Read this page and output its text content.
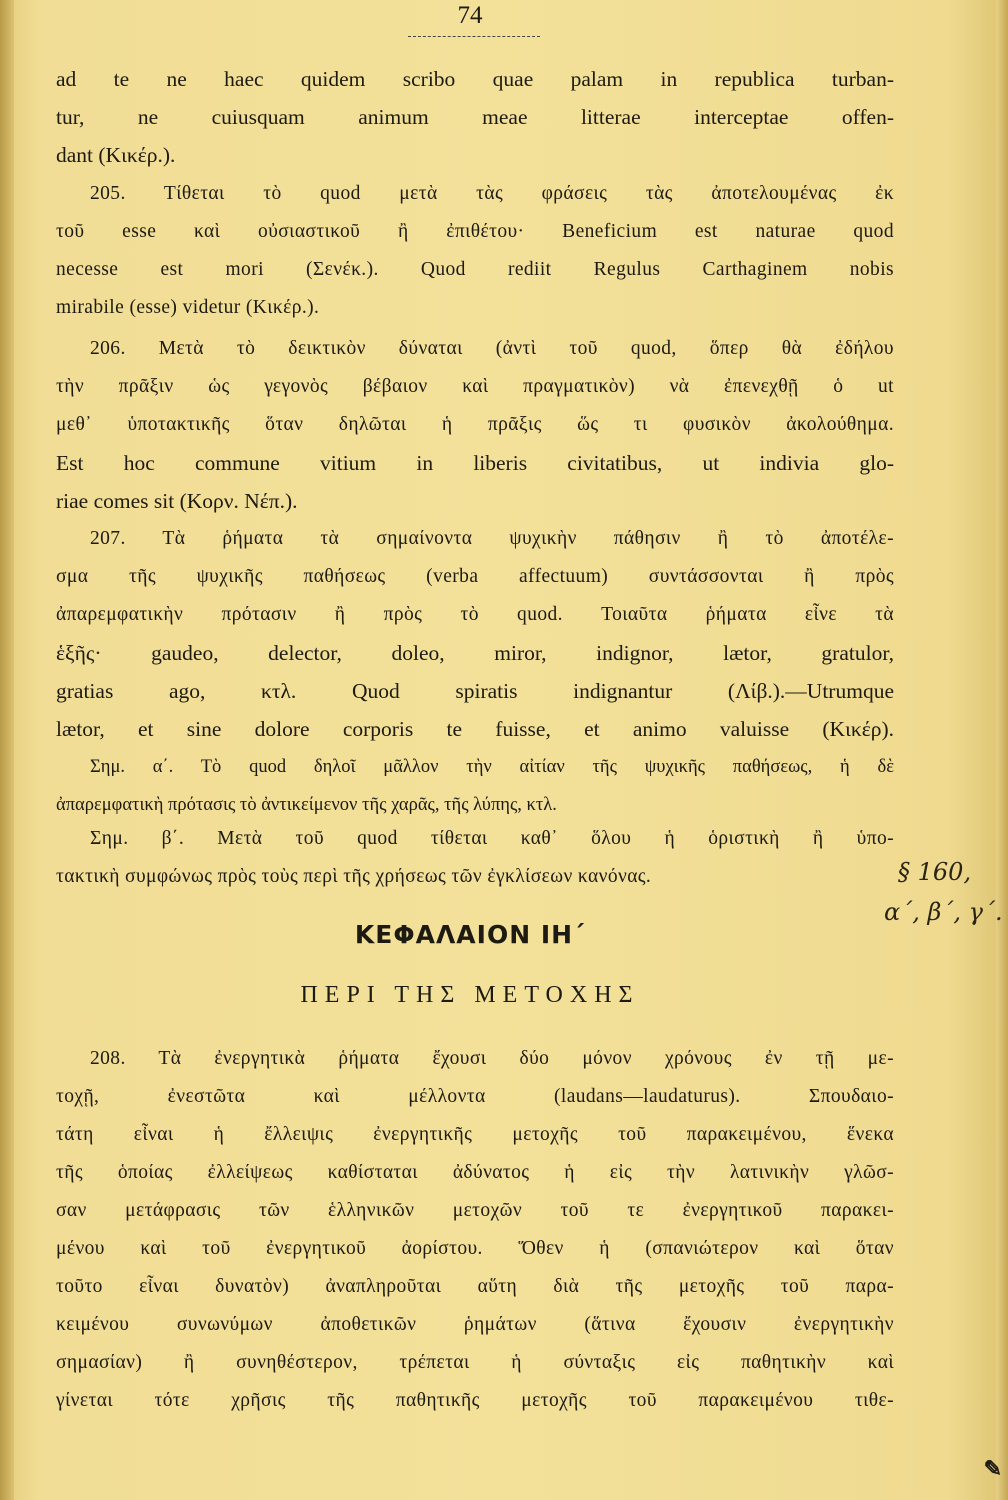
74
ad te ne haec quidem scribo quae palam in republica turban-
tur, ne cuiusquam animum meae litterae interceptae offen-
dant (Κικέρ.).
205. Τίθεται τὸ quod μετὰ τὰς φράσεις τὰς ἀποτελουμένας ἐκ
τοῦ esse καὶ οὐσιαστικοῦ ἢ ἐπιθέτου· Beneficium est naturae quod
necesse est mori (Σενέκ.). Quod rediit Regulus Carthaginem nobis
mirabile (esse) videtur (Κικέρ.).
206. Μετὰ τὸ δεικτικὸν δύναται (ἀντὶ τοῦ quod, ὅπερ θὰ ἐδήλου
τὴν πρᾶξιν ὡς γεγονὸς βέβαιον καὶ πραγματικὸν) νὰ ἐπενεχθῇ ὁ ut
μεθ᾽ ὑποτακτικῆς ὅταν δηλῶται ἡ πρᾶξις ὥς τι φυσικὸν ἀκολούθημα.
Est hoc commune vitium in liberis civitatibus, ut indivia glo-
riae comes sit (Κορν. Νέπ.).
207. Τὰ ῥήματα τὰ σημαίνοντα ψυχικὴν πάθησιν ἢ τὸ ἀποτέλε-
σμα τῆς ψυχικῆς παθήσεως (verba affectuum) συντάσσονται ἢ πρὸς
ἀπαρεμφατικὴν πρότασιν ἢ πρὸς τὸ quod. Τοιαῦτα ῥήματα εἶνε τὰ
ἑξῆς· gaudeo, delector, doleo, miror, indignor, lætor, gratulor,
gratias ago, κτλ. Quod spiratis indignantur (Λίβ.).—Utrumque
lætor, et sine dolore corporis te fuisse, et animo valuisse (Κικέρ).
Σημ. α΄. Τὸ quod δηλοῖ μᾶλλον τὴν αἰτίαν τῆς ψυχικῆς παθήσεως, ἡ δὲ
ἀπαρεμφατικὴ πρότασις τὸ ἀντικείμενον τῆς χαρᾶς, τῆς λύπης, κτλ.
Σημ. β΄. Μετὰ τοῦ quod τίθεται καθ᾽ ὅλου ἡ ὁριστικὴ ἢ ὑπο-
τακτικὴ συμφώνως πρὸς τοὺς περὶ τῆς χρήσεως τῶν ἐγκλίσεων κανόνας.	§ 160,
α΄, β΄, γ΄.
ΚΕΦΑΛΑΙΟΝ ΙΗ΄
ΠΕΡΙ ΤΗΣ ΜΕΤΟΧΗΣ
208. Τὰ ἐνεργητικὰ ῥήματα ἔχουσι δύο μόνον χρόνους ἐν τῇ με-
τοχῇ, ἐνεστῶτα καὶ μέλλοντα (laudans—laudaturus). Σπουδαιο-
τάτη εἶναι ἡ ἔλλειψις ἐνεργητικῆς μετοχῆς τοῦ παρακειμένου, ἕνεκα
τῆς ὁποίας ἐλλείψεως καθίσταται ἀδύνατος ἡ εἰς τὴν λατινικὴν γλῶσ-
σαν μετάφρασις τῶν ἑλληνικῶν μετοχῶν τοῦ τε ἐνεργητικοῦ παρακει-
μένου καὶ τοῦ ἐνεργητικοῦ ἀορίστου. Ὅθεν ἡ (σπανιώτερον καὶ ὅταν
τοῦτο εἶναι δυνατὸν) ἀναπληροῦται αὕτη διὰ τῆς μετοχῆς τοῦ παρα-
κειμένου συνωνύμων ἀποθετικῶν ῥημάτων (ἅτινα ἔχουσιν ἐνεργητικὴν
σημασίαν) ἢ συνηθέστερον, τρέπεται ἡ σύνταξις εἰς παθητικὴν καὶ
γίνεται τότε χρῆσις τῆς παθητικῆς μετοχῆς τοῦ παρακειμένου τιθε-
✎
